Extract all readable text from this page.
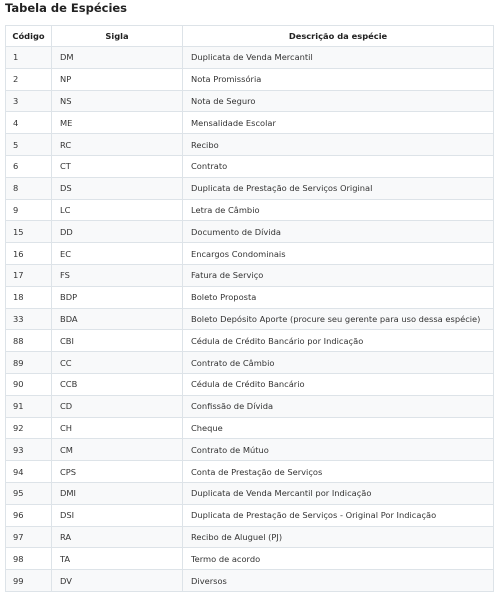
Tabela de Espécies
Código	Sigla	Descrição da espécie
1	DM	Duplicata de Venda Mercantil
2	NP	Nota Promissória
3	NS	Nota de Seguro
4	ME	Mensalidade Escolar
5	RC	Recibo
6	CT	Contrato
8	DS	Duplicata de Prestação de Serviços Original
9	LC	Letra de Câmbio
15	DD	Documento de Dívida
16	EC	Encargos Condominais
17	FS	Fatura de Serviço
18	BDP	Boleto Proposta
33	BDA	Boleto Depósito Aporte (procure seu gerente para uso dessa espécie)
88	CBI	Cédula de Crédito Bancário por Indicação
89	CC	Contrato de Câmbio
90	CCB	Cédula de Crédito Bancário
91	CD	Confissão de Dívida
92	CH	Cheque
93	CM	Contrato de Mútuo
94	CPS	Conta de Prestação de Serviços
95	DMI	Duplicata de Venda Mercantil por Indicação
96	DSI	Duplicata de Prestação de Serviços - Original Por Indicação
97	RA	Recibo de Aluguel (PJ)
98	TA	Termo de acordo
99	DV	Diversos
